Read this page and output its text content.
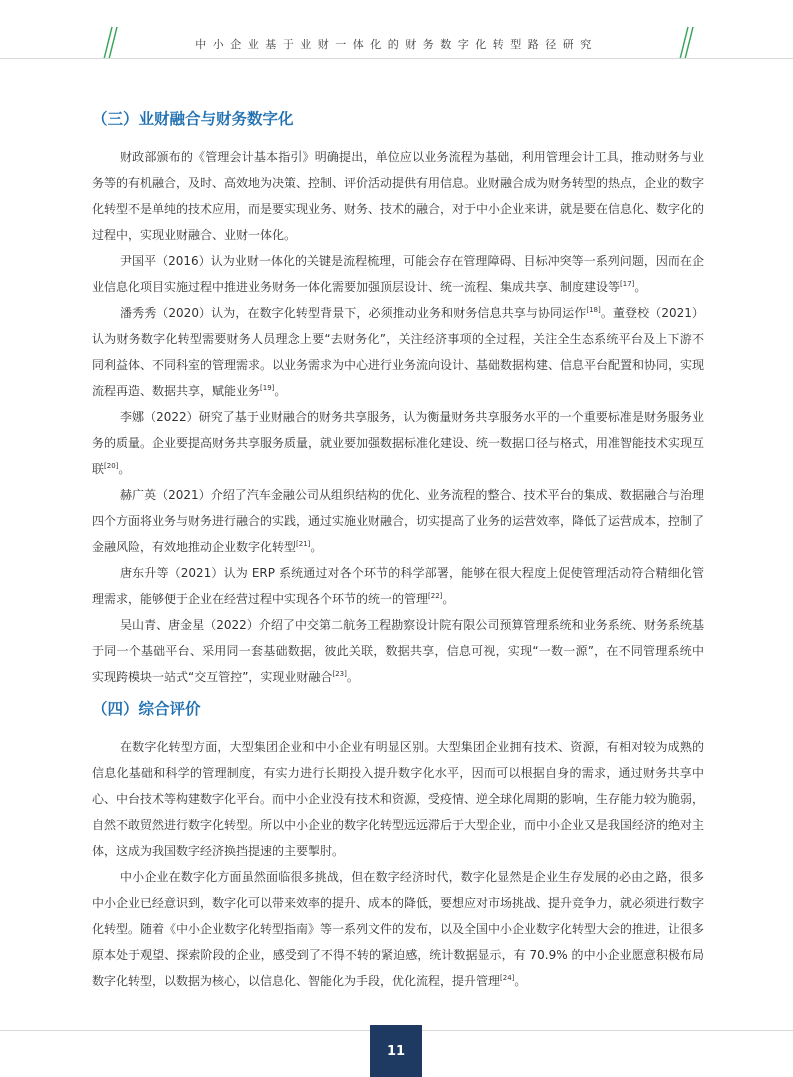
中小企业基于业财一体化的财务数字化转型路径研究
（三）业财融合与财务数字化

财政部颁布的《管理会计基本指引》明确提出，单位应以业务流程为基础，利用管理会计工具，推动财务与业务等的有机融合，及时、高效地为决策、控制、评价活动提供有用信息。业财融合成为财务转型的热点，企业的数字化转型不是单纯的技术应用，而是要实现业务、财务、技术的融合，对于中小企业来讲，就是要在信息化、数字化的过程中，实现业财融合、业财一体化。

尹国平（2016）认为业财一体化的关键是流程梳理，可能会存在管理障碍、目标冲突等一系列问题，因而在企业信息化项目实施过程中推进业务财务一体化需要加强顶层设计、统一流程、集成共享、制度建设等[17]。

潘秀秀（2020）认为，在数字化转型背景下，必须推动业务和财务信息共享与协同运作[18]。董登校（2021）认为财务数字化转型需要财务人员理念上要“去财务化”，关注经济事项的全过程，关注全生态系统平台及上下游不同利益体、不同科室的管理需求。以业务需求为中心进行业务流向设计、基础数据构建、信息平台配置和协同，实现流程再造、数据共享，赋能业务[19]。

李娜（2022）研究了基于业财融合的财务共享服务，认为衡量财务共享服务水平的一个重要标准是财务服务业务的质量。企业要提高财务共享服务质量，就业要加强数据标准化建设、统一数据口径与格式，用准智能技术实现互联[20]。

赫广英（2021）介绍了汽车金融公司从组织结构的优化、业务流程的整合、技术平台的集成、数据融合与治理四个方面将业务与财务进行融合的实践，通过实施业财融合，切实提高了业务的运营效率，降低了运营成本，控制了金融风险，有效地推动企业数字化转型[21]。

唐东升等（2021）认为 ERP 系统通过对各个环节的科学部署，能够在很大程度上促使管理活动符合精细化管理需求，能够便于企业在经营过程中实现各个环节的统一的管理[22]。

吴山青、唐金星（2022）介绍了中交第二航务工程勘察设计院有限公司预算管理系统和业务系统、财务系统基于同一个基础平台、采用同一套基础数据，彼此关联，数据共享，信息可视，实现“一数一源”，在不同管理系统中实现跨模块一站式“交互管控”，实现业财融合[23]。

（四）综合评价

在数字化转型方面，大型集团企业和中小企业有明显区别。大型集团企业拥有技术、资源，有相对较为成熟的信息化基础和科学的管理制度，有实力进行长期投入提升数字化水平，因而可以根据自身的需求，通过财务共享中心、中台技术等构建数字化平台。而中小企业没有技术和资源，受疫情、逆全球化周期的影响，生存能力较为脆弱，自然不敢贸然进行数字化转型。所以中小企业的数字化转型远远滞后于大型企业，而中小企业又是我国经济的绝对主体，这成为我国数字经济换挡提速的主要掣肘。

中小企业在数字化方面虽然面临很多挑战，但在数字经济时代，数字化显然是企业生存发展的必由之路，很多中小企业已经意识到，数字化可以带来效率的提升、成本的降低，要想应对市场挑战、提升竞争力，就必须进行数字化转型。随着《中小企业数字化转型指南》等一系列文件的发布，以及全国中小企业数字化转型大会的推进，让很多原本处于观望、探索阶段的企业，感受到了不得不转的紧迫感，统计数据显示，有 70.9% 的中小企业愿意积极布局数字化转型，以数据为核心，以信息化、智能化为手段，优化流程，提升管理[24]。

11
